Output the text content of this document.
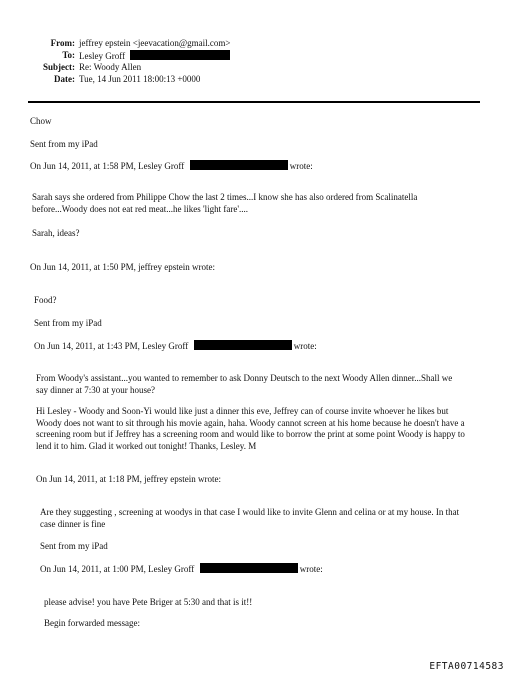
From: jeffrey epstein <jeevacation@gmail.com>
To: Lesley Groff
Subject: Re: Woody Allen
Date: Tue, 14 Jun 2011 18:00:13 +0000
Chow
Sent from my iPad
On Jun 14, 2011, at 1:58 PM, Lesley Groff	wrote:
Sarah says she ordered from Philippe Chow the last 2 times...I know she has also ordered from Scalinatella before...Woody does not eat red meat...he likes 'light fare'....
Sarah, ideas?
On Jun 14, 2011, at 1:50 PM, jeffrey epstein wrote:
Food?
Sent from my iPad
On Jun 14, 2011, at 1:43 PM, Lesley Groff	wrote:
From Woody's assistant...you wanted to remember to ask Donny Deutsch to the next Woody Allen dinner...Shall we say dinner at 7:30 at your house?
Hi Lesley - Woody and Soon-Yi would like just a dinner this eve, Jeffrey can of course invite whoever he likes but Woody does not want to sit through his movie again, haha. Woody cannot screen at his home because he doesn't have a screening room but if Jeffrey has a screening room and would like to borrow the print at some point Woody is happy to lend it to him. Glad it worked out tonight! Thanks, Lesley. M
On Jun 14, 2011, at 1:18 PM, jeffrey epstein wrote:
Are they suggesting , screening at woodys in that case I would like to invite Glenn and celina or at my house. In that case dinner is fine
Sent from my iPad
On Jun 14, 2011, at 1:00 PM, Lesley Groff	wrote:
please advise! you have Pete Briger at 5:30 and that is it!!
Begin forwarded message:
EFTA00714583
